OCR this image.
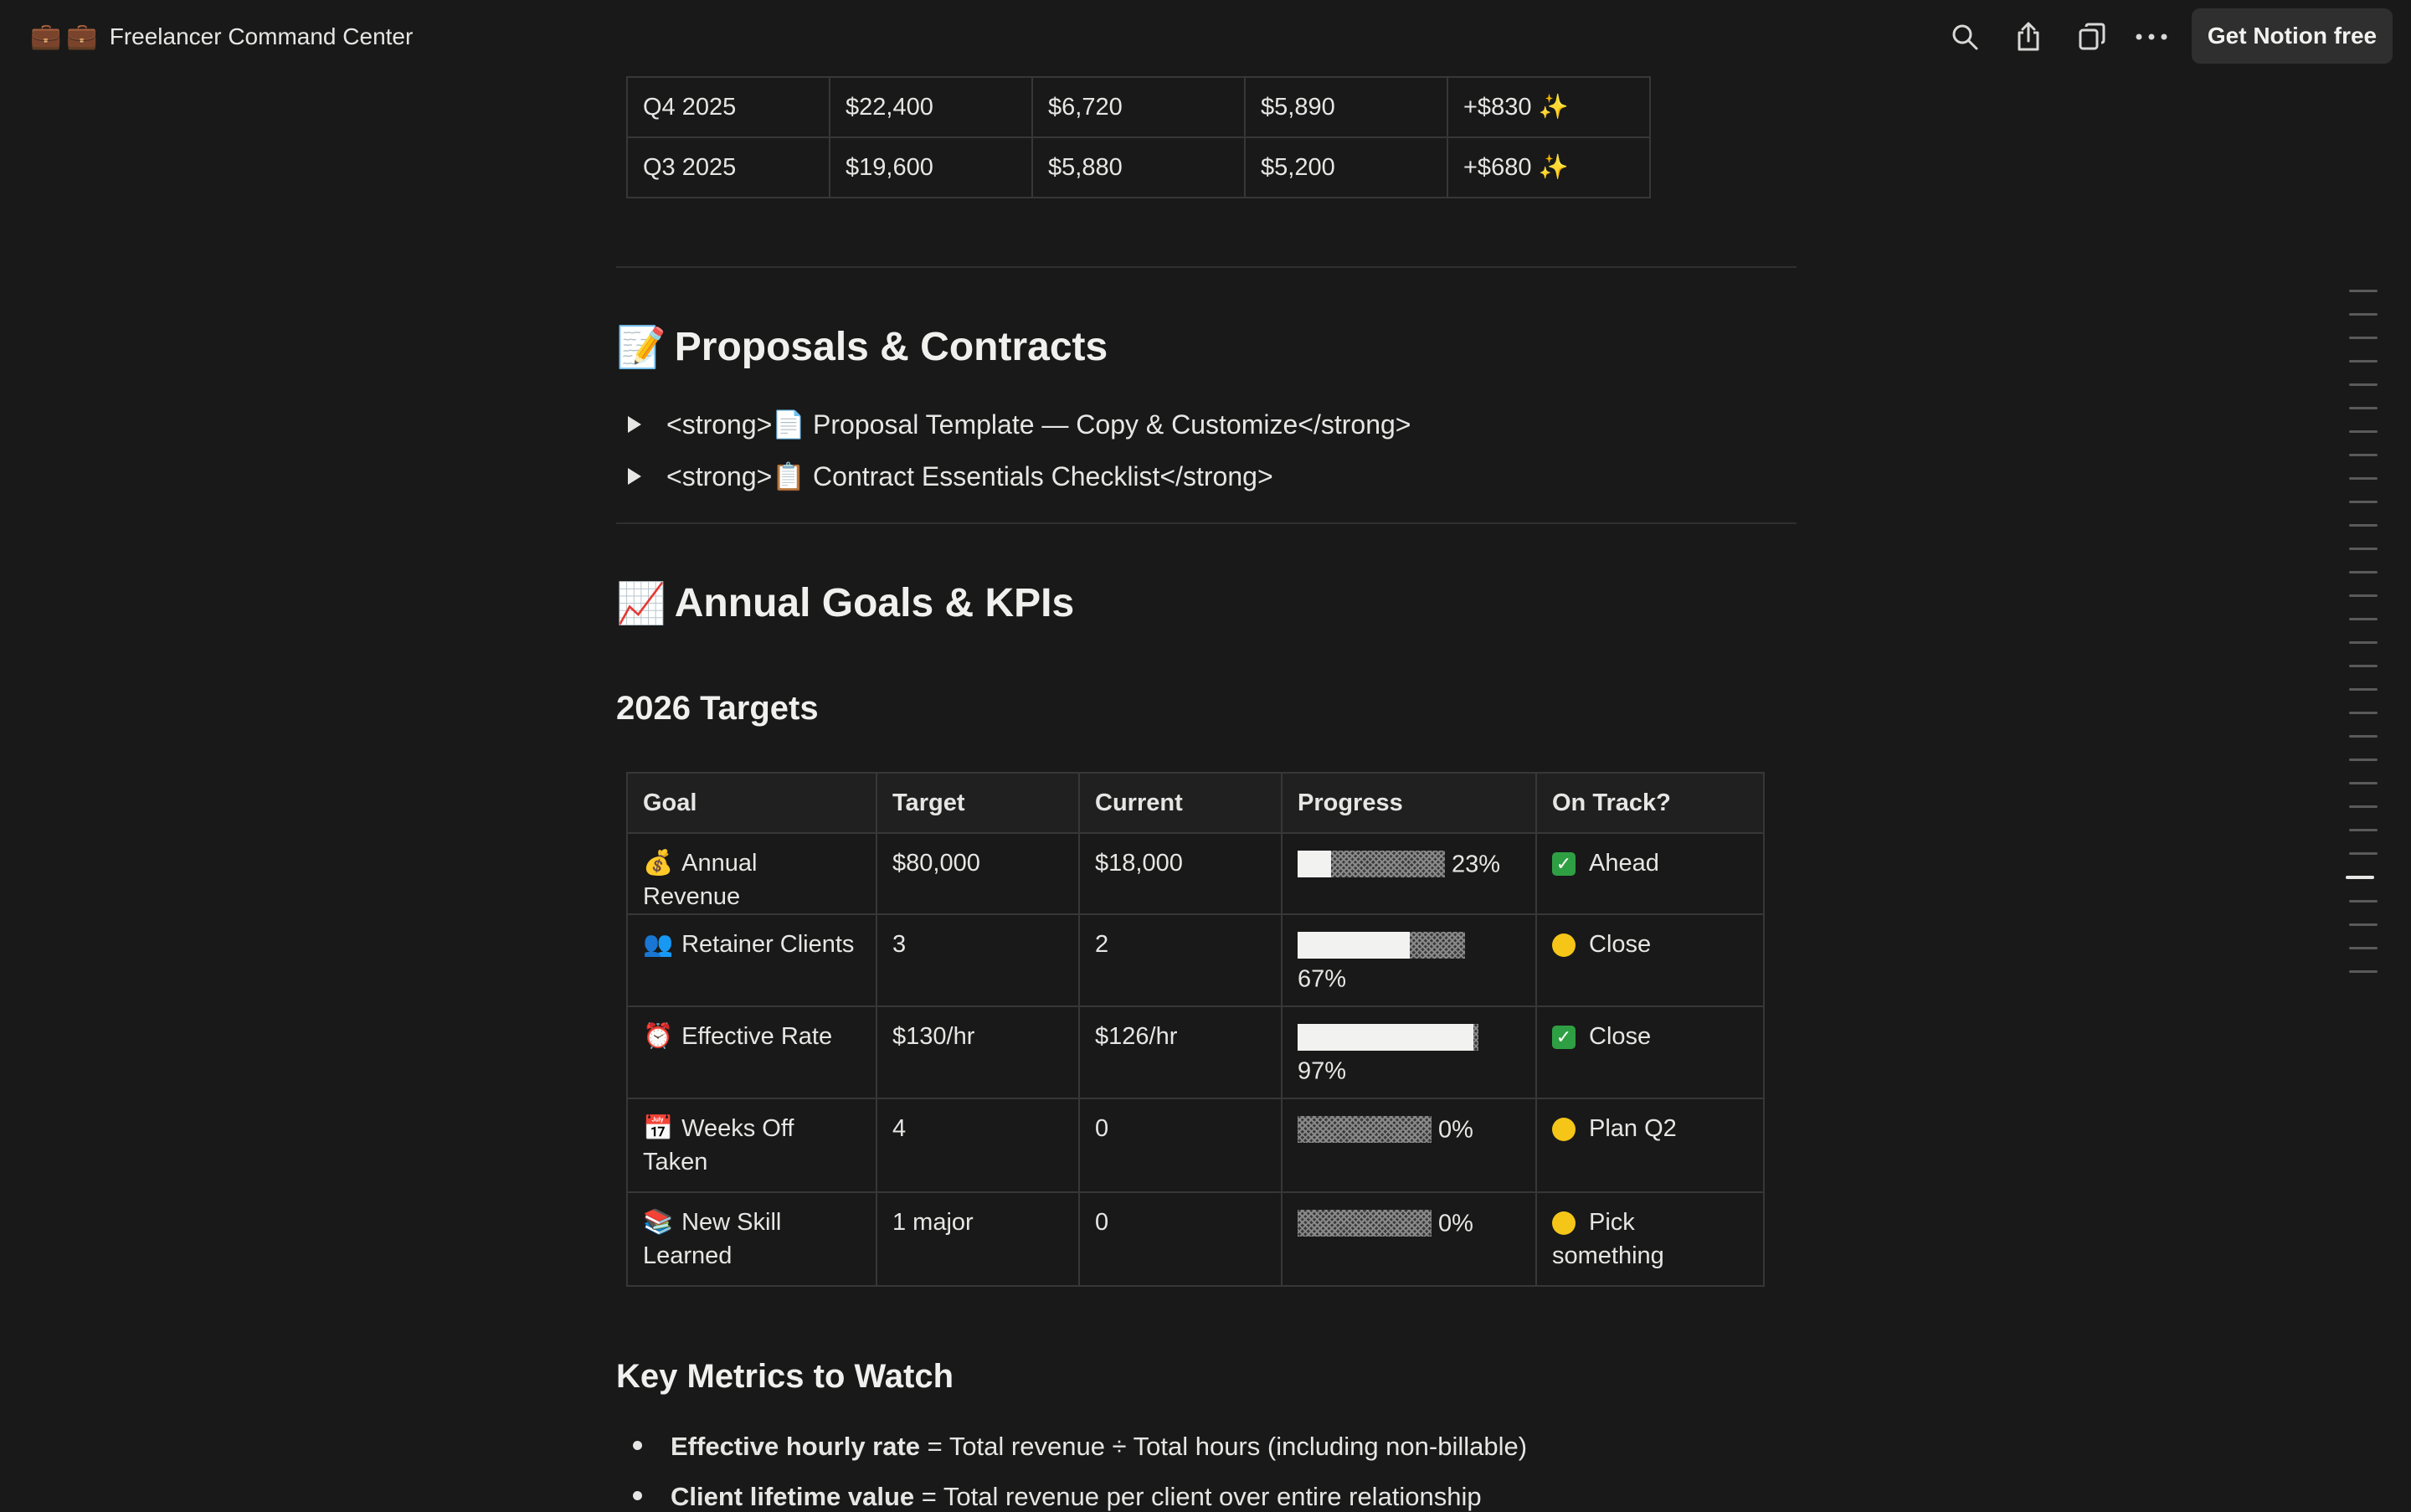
💼 💼 Freelancer Command Center	Get Notion free
Q4 2025	$22,400	$6,720	$5,890	+$830 ✨
Q3 2025	$19,600	$5,880	$5,200	+$680 ✨
📝 Proposals & Contracts
<strong>📄 Proposal Template — Copy & Customize</strong>
<strong>📋 Contract Essentials Checklist</strong>
📈 Annual Goals & KPIs
2026 Targets
Goal	Target	Current	Progress	On Track?
💰 Annual Revenue	$80,000	$18,000	23%	✓ Ahead
👥 Retainer Clients	3	2	67%	Close
⏰ Effective Rate	$130/hr	$126/hr	97%	✓ Close
📅 Weeks Off Taken	4	0	0%	Plan Q2
📚 New Skill Learned	1 major	0	0%	Pick something
Key Metrics to Watch
Effective hourly rate = Total revenue ÷ Total hours (including non-billable)
Client lifetime value = Total revenue per client over entire relationship
